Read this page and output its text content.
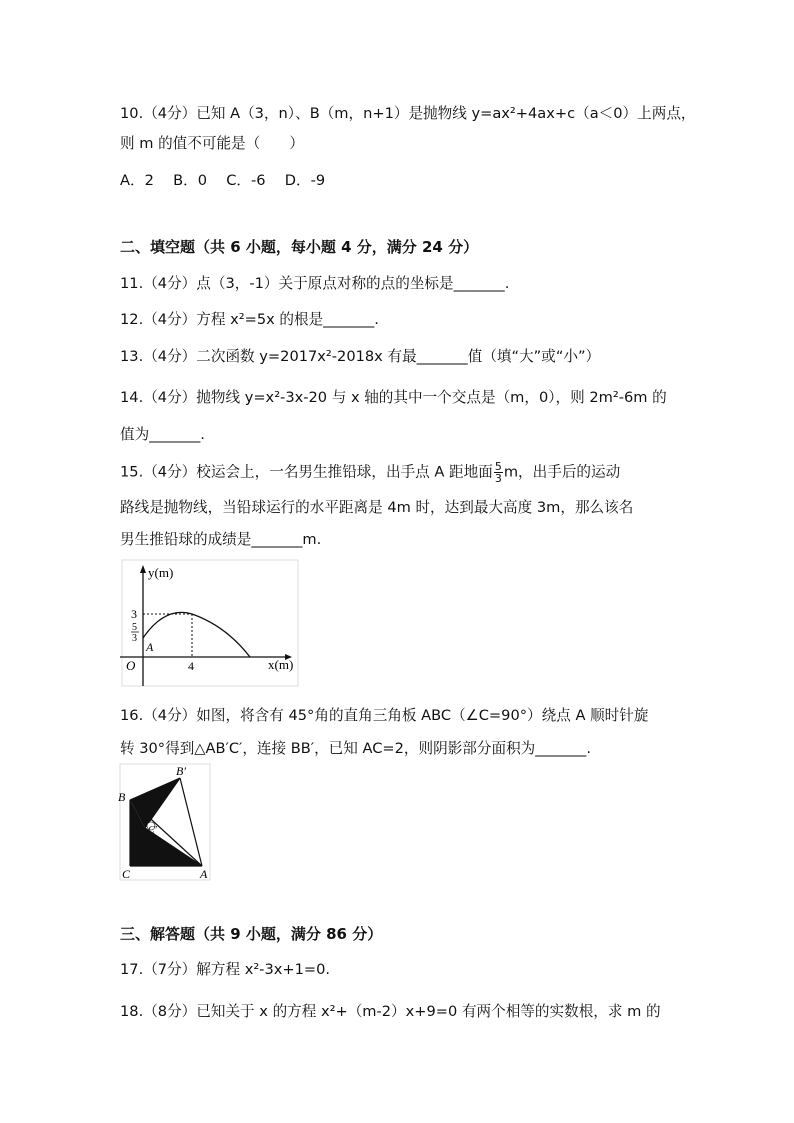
10.（4分）已知 A（3，n）、B（m，n+1）是抛物线 y=ax²+4ax+c（a＜0）上两点，
则 m 的值不可能是（　　）
A．2　 B．0　 C．-6　 D．-9
二、填空题（共 6 小题，每小题 4 分，满分 24 分）
11.（4分）点（3，-1）关于原点对称的点的坐标是_______.
12.（4分）方程 x²=5x 的根是_______.
13.（4分）二次函数 y=2017x²-2018x 有最_______值（填“大”或“小”）
14.（4分）抛物线 y=x²-3x-20 与 x 轴的其中一个交点是（m，0），则 2m²-6m 的
值为_______.
15.（4分）校运会上，一名男生推铅球，出手点 A 距地面 $\frac{5}{3}$ m，出手后的运动
路线是抛物线，当铅球运行的水平距离是 4m 时，达到最大高度 3m，那么该名
男生推铅球的成绩是_______m.
y(m)
x(m)
O
3
5
3
4
A
16.（4分）如图，将含有 45°角的直角三角板 ABC（∠C=90°）绕点 A 顺时针旋
转 30°得到△AB′C′，连接 BB′，已知 AC=2，则阴影部分面积为_______.
B′
B
C′
C	A
三、解答题（共 9 小题，满分 86 分）
17.（7分）解方程 x²-3x+1=0.
18.（8分）已知关于 x 的方程 x²+（m-2）x+9=0 有两个相等的实数根，求 m 的
